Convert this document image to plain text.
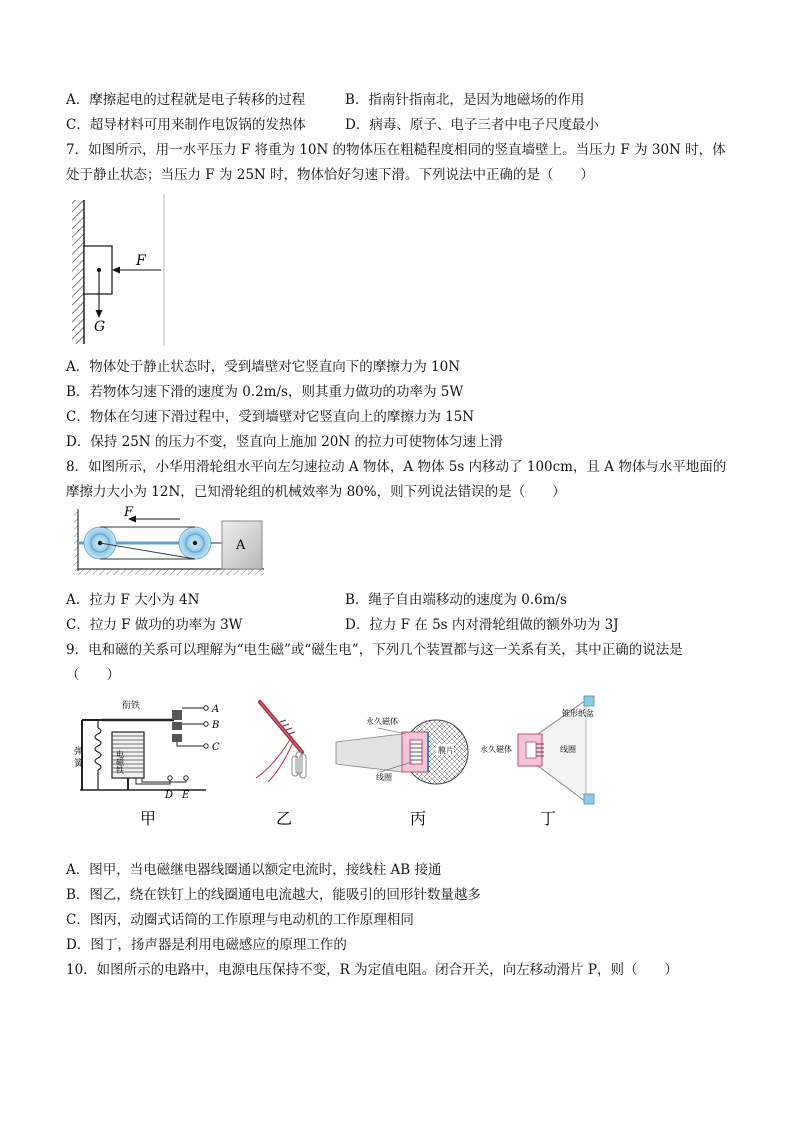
A．摩擦起电的过程就是电子转移的过程	B．指南针指南北，是因为地磁场的作用
C．超导材料可用来制作电饭锅的发热体	D．病毒、原子、电子三者中电子尺度最小
7．如图所示，用一水平压力 F 将重为 10N 的物体压在粗糙程度相同的竖直墙壁上。当压力 F 为 30N 时，体
处于静止状态；当压力 F 为 25N 时，物体恰好匀速下滑。下列说法中正确的是（　　）
F
G
A．物体处于静止状态时，受到墙壁对它竖直向下的摩擦力为 10N
B．若物体匀速下滑的速度为 0.2m/s，则其重力做功的功率为 5W
C．物体在匀速下滑过程中，受到墙壁对它竖直向上的摩擦力为 15N
D．保持 25N 的压力不变，竖直向上施加 20N 的拉力可使物体匀速上滑
8．如图所示，小华用滑轮组水平向左匀速拉动 A 物体，A 物体 5s 内移动了 100cm，且 A 物体与水平地面的
摩擦力大小为 12N，已知滑轮组的机械效率为 80%，则下列说法错误的是（　　）
F
A
A．拉力 F 大小为 4N	B．绳子自由端移动的速度为 0.6m/s
C．拉力 F 做功的功率为 3W	D．拉力 F 在 5s 内对滑轮组做的额外功为 3J
9．电和磁的关系可以理解为“电生磁”或“磁生电”，下列几个装置都与这一关系有关，其中正确的说法是
（　　）
弹
簧	电磁铁
衔铁	A
B
C
D E
甲	乙
永久磁体
线圈
膜片
丙
永久磁体	线圈
锥形纸盆
丁
A．图甲，当电磁继电器线圈通以额定电流时，接线柱 AB 接通
B．图乙，绕在铁钉上的线圈通电电流越大，能吸引的回形针数量越多
C．图丙，动圈式话筒的工作原理与电动机的工作原理相同
D．图丁，扬声器是利用电磁感应的原理工作的
10．如图所示的电路中，电源电压保持不变，R 为定值电阻。闭合开关，向左移动滑片 P，则（　　）
